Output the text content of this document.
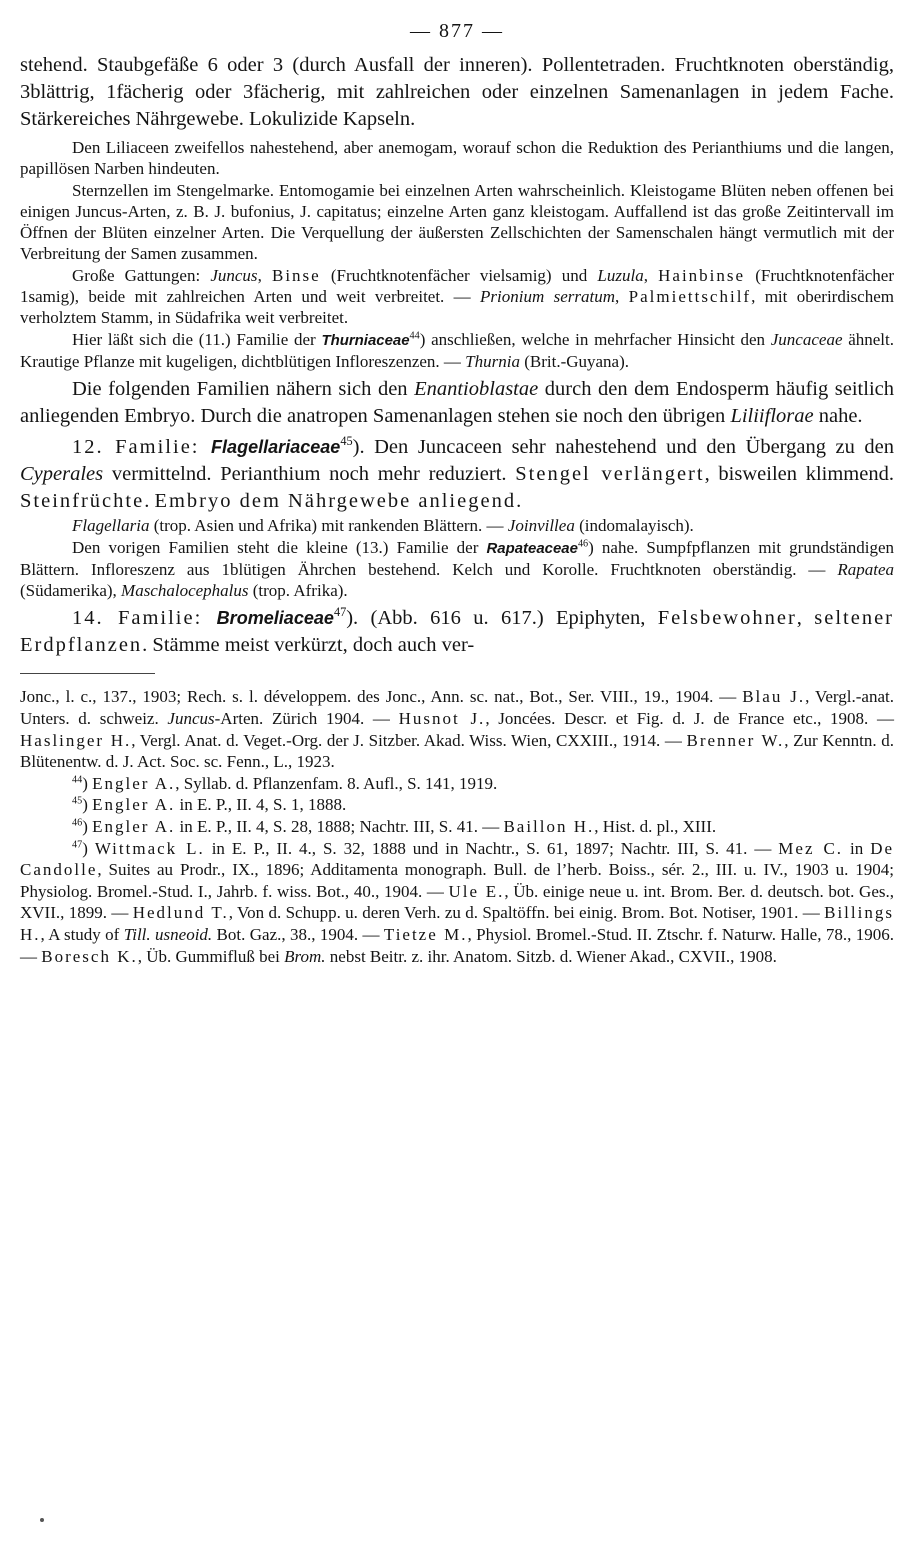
— 877 —

stehend. Staubgefäße 6 oder 3 (durch Ausfall der inneren). Pollentetraden. Fruchtknoten oberständig, 3blättrig, 1fächerig oder 3fächerig, mit zahlreichen oder einzelnen Samenanlagen in jedem Fache. Stärkereiches Nährgewebe. Lokulizide Kapseln.

Den Liliaceen zweifellos nahestehend, aber anemogam, worauf schon die Reduktion des Perianthiums und die langen, papillösen Narben hindeuten.

Sternzellen im Stengelmarke. Entomogamie bei einzelnen Arten wahrscheinlich. Kleistogame Blüten neben offenen bei einigen Juncus-Arten, z. B. J. bufonius, J. capitatus; einzelne Arten ganz kleistogam. Auffallend ist das große Zeitintervall im Öffnen der Blüten einzelner Arten. Die Verquellung der äußersten Zellschichten der Samenschalen hängt vermutlich mit der Verbreitung der Samen zusammen.

Große Gattungen: Juncus, Binse (Fruchtknotenfächer vielsamig) und Luzula, Hainbinse (Fruchtknotenfächer 1samig), beide mit zahlreichen Arten und weit verbreitet. — Prionium serratum, Palmiettschilf, mit oberirdischem verholztem Stamm, in Südafrika weit verbreitet.

Hier läßt sich die (11.) Familie der Thurniaceae$^{44}$) anschließen, welche in mehrfacher Hinsicht den Juncaceae ähnelt. Krautige Pflanze mit kugeligen, dichtblütigen Infloreszenzen. — Thurnia (Brit.-Guyana).

Die folgenden Familien nähern sich den Enantioblastae durch den dem Endosperm häufig seitlich anliegenden Embryo. Durch die anatropen Samenanlagen stehen sie noch den übrigen Liliiflorae nahe.

12. Familie: Flagellariaceae$^{45}$). Den Juncaceen sehr nahestehend und den Übergang zu den Cyperales vermittelnd. Perianthium noch mehr reduziert. Stengel verlängert, bisweilen klimmend. Steinfrüchte. Embryo dem Nährgewebe anliegend.

Flagellaria (trop. Asien und Afrika) mit rankenden Blättern. — Joinvillea (indomalayisch).

Den vorigen Familien steht die kleine (13.) Familie der Rapateaceae$^{46}$) nahe. Sumpfpflanzen mit grundständigen Blättern. Infloreszenz aus 1blütigen Ährchen bestehend. Kelch und Korolle. Fruchtknoten oberständig. — Rapatea (Südamerika), Maschalocephalus (trop. Afrika).

14. Familie: Bromeliaceae$^{47}$). (Abb. 616 u. 617.) Epiphyten, Felsbewohner, seltener Erdpflanzen. Stämme meist verkürzt, doch auch ver-

Jonc., l. c., 137., 1903; Rech. s. l. développem. des Jonc., Ann. sc. nat., Bot., Ser. VIII., 19., 1904. — Blau J., Vergl.-anat. Unters. d. schweiz. Juncus-Arten. Zürich 1904. — Husnot J., Joncées. Descr. et Fig. d. J. de France etc., 1908. — Haslinger H., Vergl. Anat. d. Veget.-Org. der J. Sitzber. Akad. Wiss. Wien, CXXIII., 1914. — Brenner W., Zur Kenntn. d. Blütenentw. d. J. Act. Soc. sc. Fenn., L., 1923.

$^{44}$) Engler A., Syllab. d. Pflanzenfam. 8. Aufl., S. 141, 1919.

$^{45}$) Engler A. in E. P., II. 4, S. 1, 1888.

$^{46}$) Engler A. in E. P., II. 4, S. 28, 1888; Nachtr. III, S. 41. — Baillon H., Hist. d. pl., XIII.

$^{47}$) Wittmack L. in E. P., II. 4., S. 32, 1888 und in Nachtr., S. 61, 1897; Nachtr. III, S. 41. — Mez C. in De Candolle, Suites au Prodr., IX., 1896; Additamenta monograph. Bull. de l’herb. Boiss., sér. 2., III. u. IV., 1903 u. 1904; Physiolog. Bromel.-Stud. I., Jahrb. f. wiss. Bot., 40., 1904. — Ule E., Üb. einige neue u. int. Brom. Ber. d. deutsch. bot. Ges., XVII., 1899. — Hedlund T., Von d. Schupp. u. deren Verh. zu d. Spaltöffn. bei einig. Brom. Bot. Notiser, 1901. — Billings H., A study of Till. usneoid. Bot. Gaz., 38., 1904. — Tietze M., Physiol. Bromel.-Stud. II. Ztschr. f. Naturw. Halle, 78., 1906. — Boresch K., Üb. Gummifluß bei Brom. nebst Beitr. z. ihr. Anatom. Sitzb. d. Wiener Akad., CXVII., 1908.
